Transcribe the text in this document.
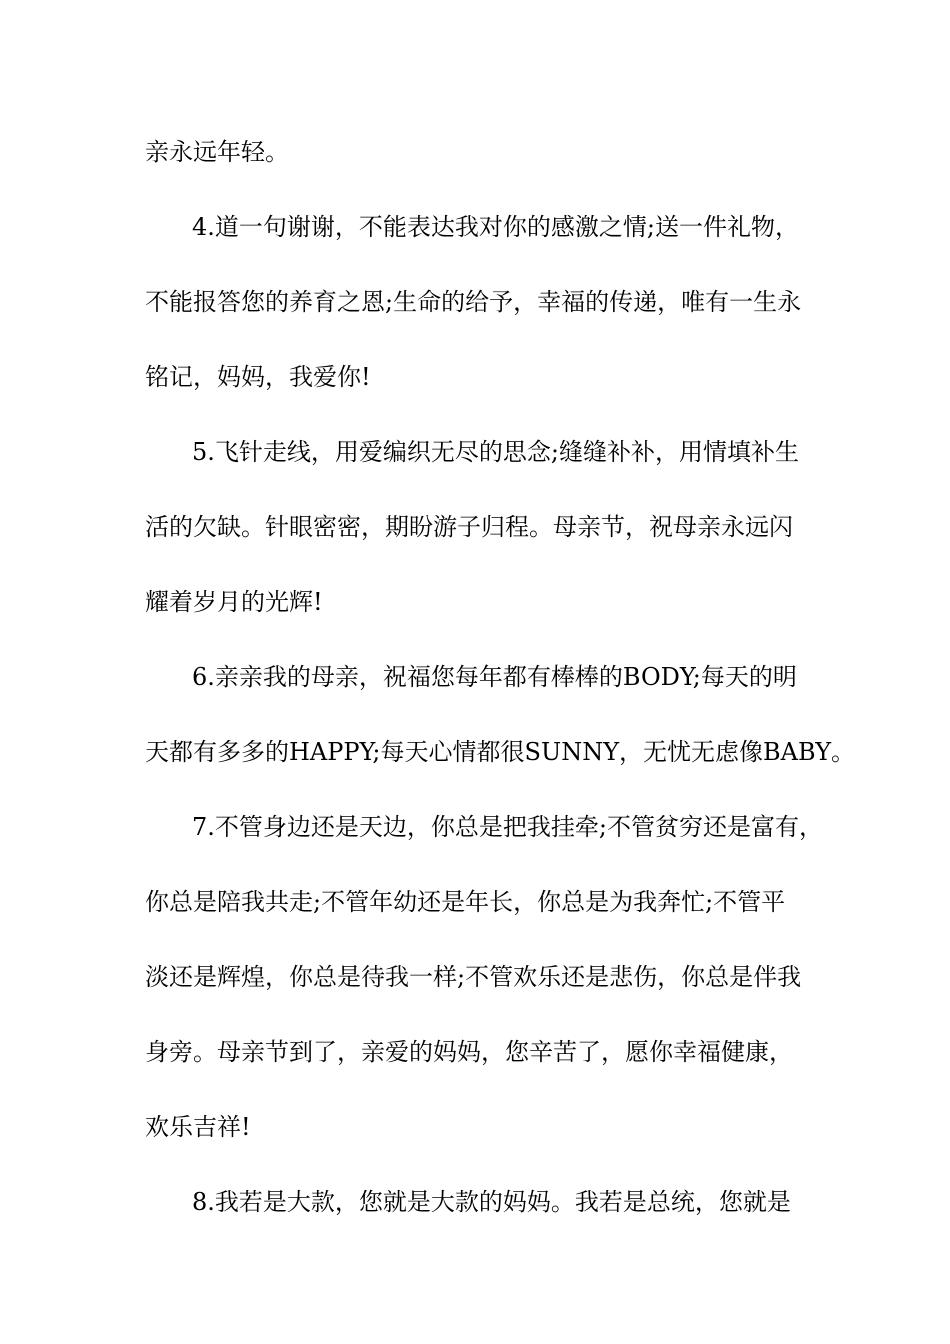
亲永远年轻。
4.道一句谢谢，不能表达我对你的感激之情;送一件礼物，
不能报答您的养育之恩;生命的给予，幸福的传递，唯有一生永
铭记，妈妈，我爱你!
5.飞针走线，用爱编织无尽的思念;缝缝补补，用情填补生
活的欠缺。针眼密密，期盼游子归程。母亲节，祝母亲永远闪
耀着岁月的光辉!
6.亲亲我的母亲，祝福您每年都有棒棒的BODY;每天的明
天都有多多的HAPPY;每天心情都很SUNNY，无忧无虑像BABY。
7.不管身边还是天边，你总是把我挂牵;不管贫穷还是富有，
你总是陪我共走;不管年幼还是年长，你总是为我奔忙;不管平
淡还是辉煌，你总是待我一样;不管欢乐还是悲伤，你总是伴我
身旁。母亲节到了，亲爱的妈妈，您辛苦了，愿你幸福健康，
欢乐吉祥!
8.我若是大款，您就是大款的妈妈。我若是总统，您就是
